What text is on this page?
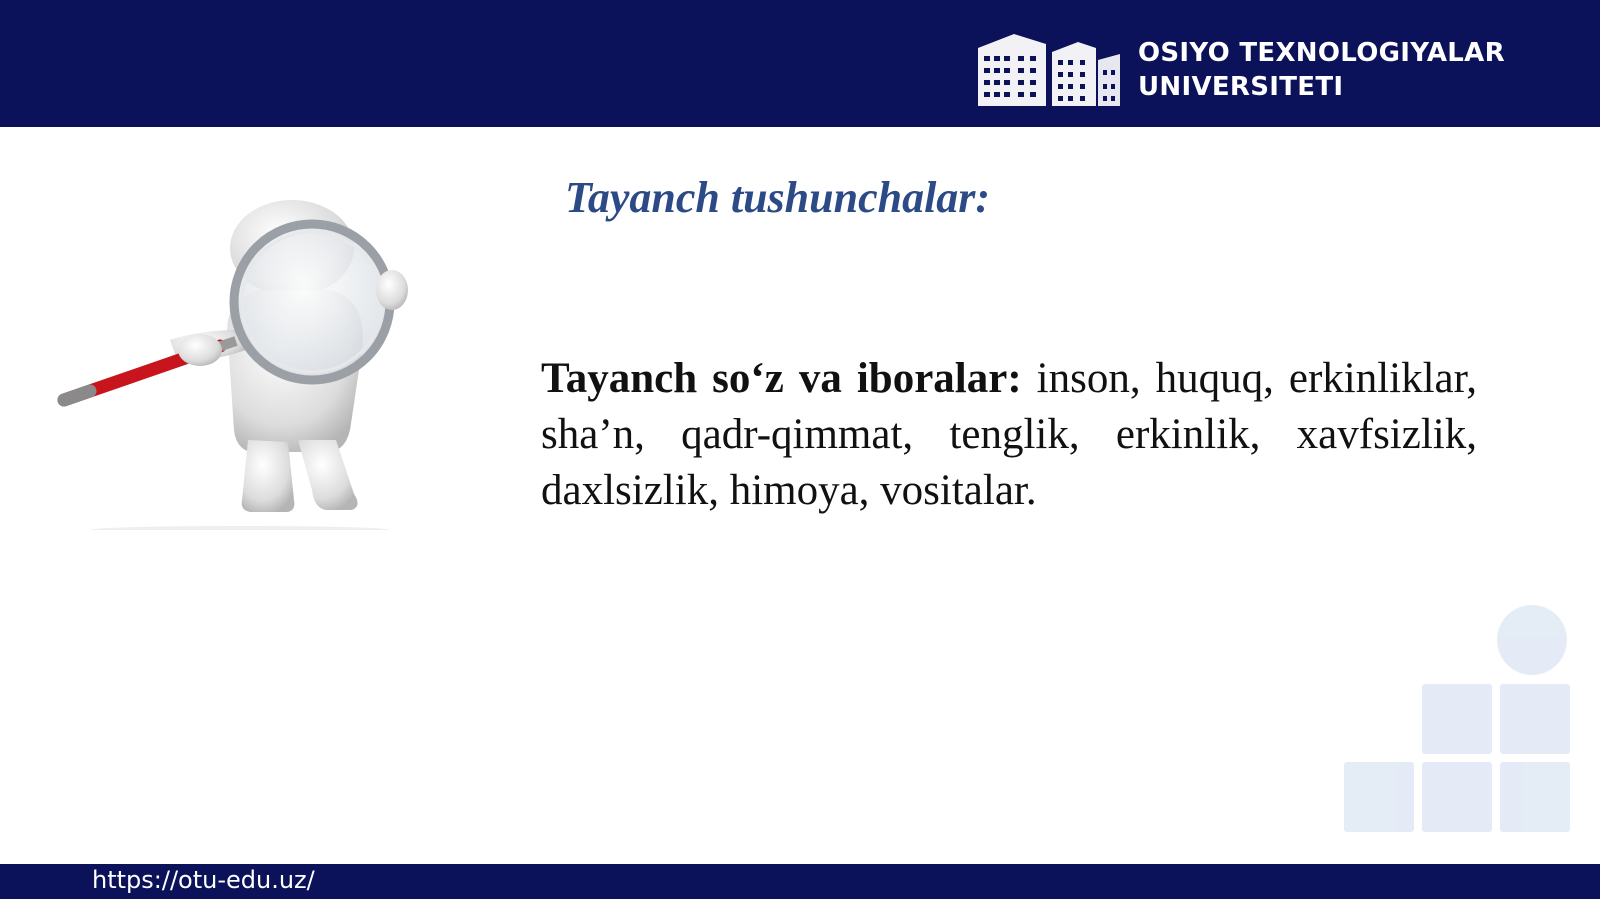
OSIYO TEXNOLOGIYALAR
UNIVERSITETI
Tayanch tushunchalar:
Tayanch so‘z va iboralar: inson, huquq, erkinliklar, sha’n, qadr-qimmat, tenglik, erkinlik, xavfsizlik, daxlsizlik, himoya, vositalar.
https://otu-edu.uz/
